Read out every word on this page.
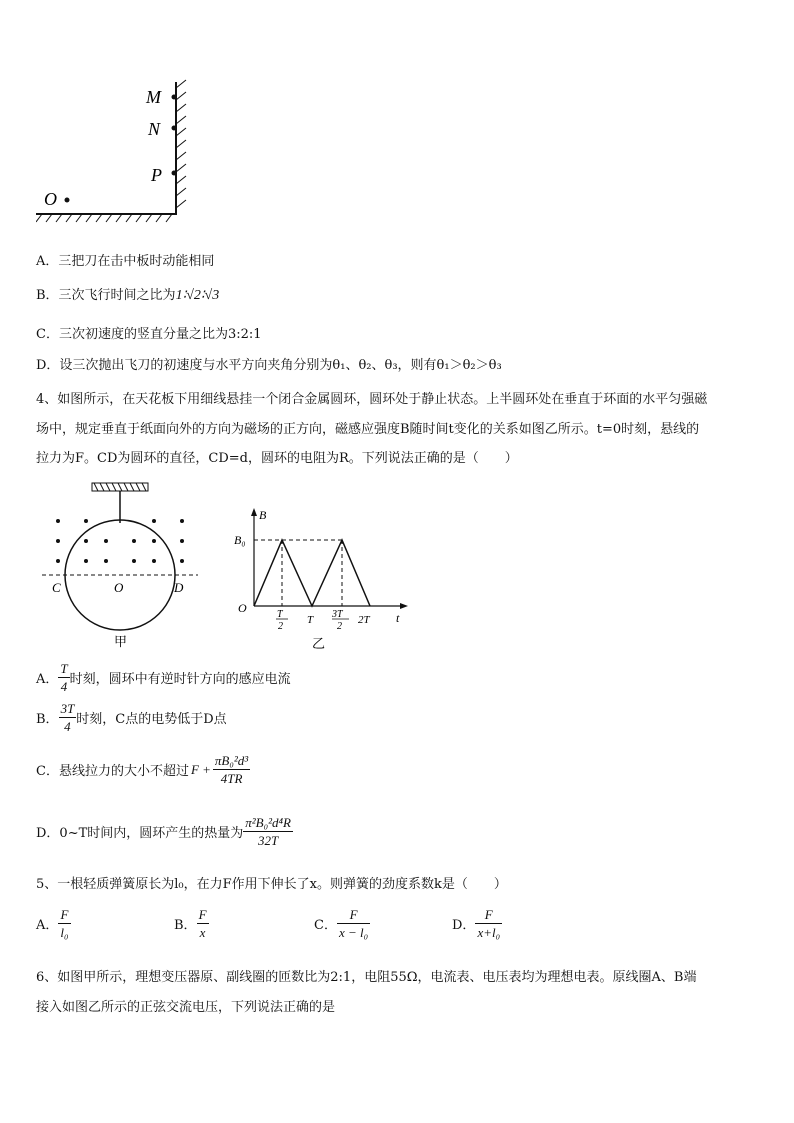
M
N
P
O
A．三把刀在击中板时动能相同
B．三次飞行时间之比为1∶√2∶√3
C．三次初速度的竖直分量之比为3:2:1
D．设三次抛出飞刀的初速度与水平方向夹角分别为θ₁、θ₂、θ₃，则有θ₁＞θ₂＞θ₃
4、如图所示，在天花板下用细线悬挂一个闭合金属圆环，圆环处于静止状态。上半圆环处在垂直于环面的水平匀强磁
场中，规定垂直于纸面向外的方向为磁场的正方向，磁感应强度B随时间t变化的关系如图乙所示。t=0时刻，悬线的
拉力为F。CD为圆环的直径，CD=d，圆环的电阻为R。下列说法正确的是（　　）
C	O	D
甲
B
B₀
O
t
T
2
T 3T
2
2T
乙
A． $\frac{T}{4}$ 时刻，圆环中有逆时针方向的感应电流
B． $\frac{3T}{4}$ 时刻，C点的电势低于D点
C．悬线拉力的大小不超过 $F + \frac{\text{πB₀²d³}}{4TR}$
D．0~T时间内，圆环产生的热量为 $\frac{\text{π²B₀²d⁴R}}{32T}$
5、一根轻质弹簧原长为l₀，在力F作用下伸长了x。则弹簧的劲度系数k是（　　）
A． $\frac{F}{\text{l₀}}$	B． $\frac{F}{x}$	C． $\frac{F}{\text{x − l₀}}$	D． $\frac{F}{\text{x+l₀}}$
6、如图甲所示，理想变压器原、副线圈的匝数比为2:1，电阻55Ω，电流表、电压表均为理想电表。原线圈A、B端
接入如图乙所示的正弦交流电压，下列说法正确的是
